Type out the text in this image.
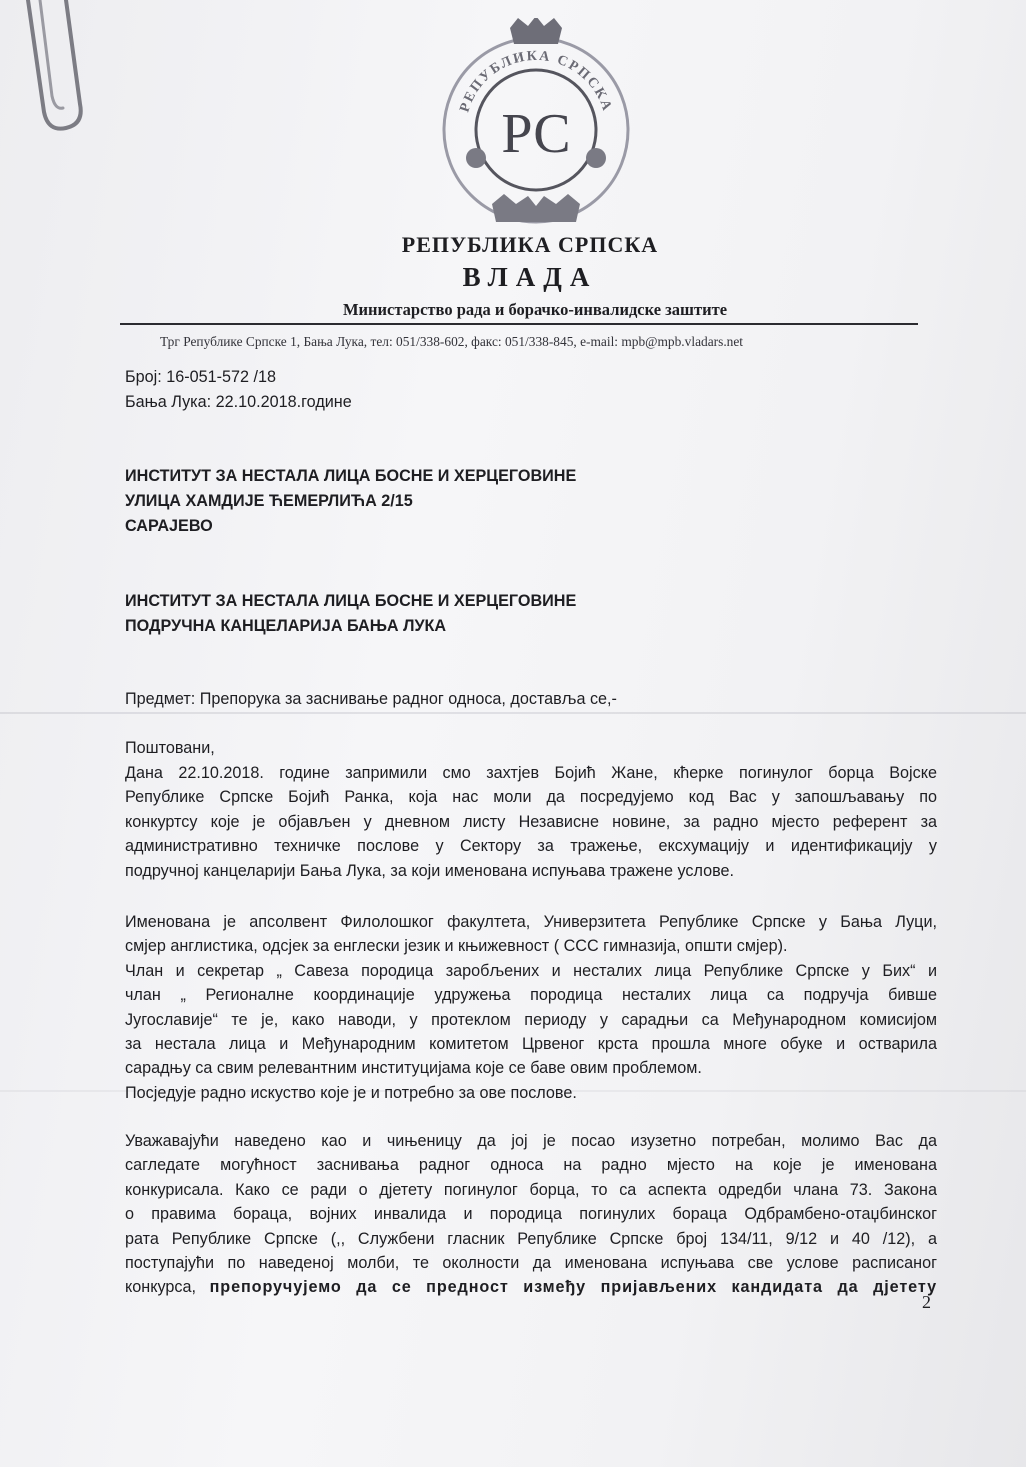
РЕПУБЛИКА СРПСКА
РС
РЕПУБЛИКА СРПСКА
ВЛАДА
Министарство рада и борачко-инвалидске заштите
Трг Републике Српске 1, Бања Лука, тел: 051/338-602, факс: 051/338-845, e-mail: mpb@mpb.vladars.net
Број: 16-051-572 /18
Бања Лука: 22.10.2018.године
ИНСТИТУТ ЗА НЕСТАЛА ЛИЦА БОСНЕ И ХЕРЦЕГОВИНЕ
УЛИЦА ХАМДИЈЕ ЋЕМЕРЛИЋА 2/15
САРАЈЕВО
ИНСТИТУТ ЗА НЕСТАЛА ЛИЦА БОСНЕ И ХЕРЦЕГОВИНЕ
ПОДРУЧНА КАНЦЕЛАРИЈА БАЊА ЛУКА
Предмет: Препорука за заснивање радног односа, доставља се,-
Поштовани,
Дана 22.10.2018. године запримили смо захтјев Бојић Жане, кћерке погинулог борца Војске
Републике Српске Бојић Ранка, која нас моли да посредујемо код Вас у запошљавању по
конкуртсу које је објављен у дневном листу Независне новине, за радно мјесто референт за
административно техничке послове у Сектору за тражење, ексхумацију и идентификацију у
подручној канцеларији Бања Лука, за који именована испуњава тражене услове.
Именована је апсолвент Филолошког факултета, Универзитета Републике Српске у Бања Луци,
смјер англистика, одсјек за енглески језик и књижевност ( ССС гимназија, општи смјер).
Члан и секретар „ Савеза породица заробљених и несталих лица Републике Српске у Бих“ и
члан „ Регионалне координације удружења породица несталих лица са подручја бивше
Југославије“ те је, како наводи, у протеклом периоду у сарадњи са Међународном комисијом
за нестала лица и Међународним комитетом Црвеног крста прошла многе обуке и остварила
сарадњу са свим релевантним институцијама које се баве овим проблемом.
Посједује радно искуство које је и потребно за ове послове.
Уважавајући наведено као и чињеницу да јој је посао изузетно потребан, молимо Вас да
сагледате могућност заснивања радног односа на радно мјесто на које је именована
конкурисала. Како се ради о дјетету погинулог борца, то са аспекта одредби члана 73. Закона
о правима бораца, војних инвалида и породица погинулих бораца Одбрамбено-отаџбинског
рата Републике Српске (,, Службени гласник Републике Српске број 134/11, 9/12 и 40 /12), а
поступајући по наведеној молби, те околности да именована испуњава све услове расписаног
конкурса, препоручујемо да се предност између пријављених кандидата да дјетету
2
